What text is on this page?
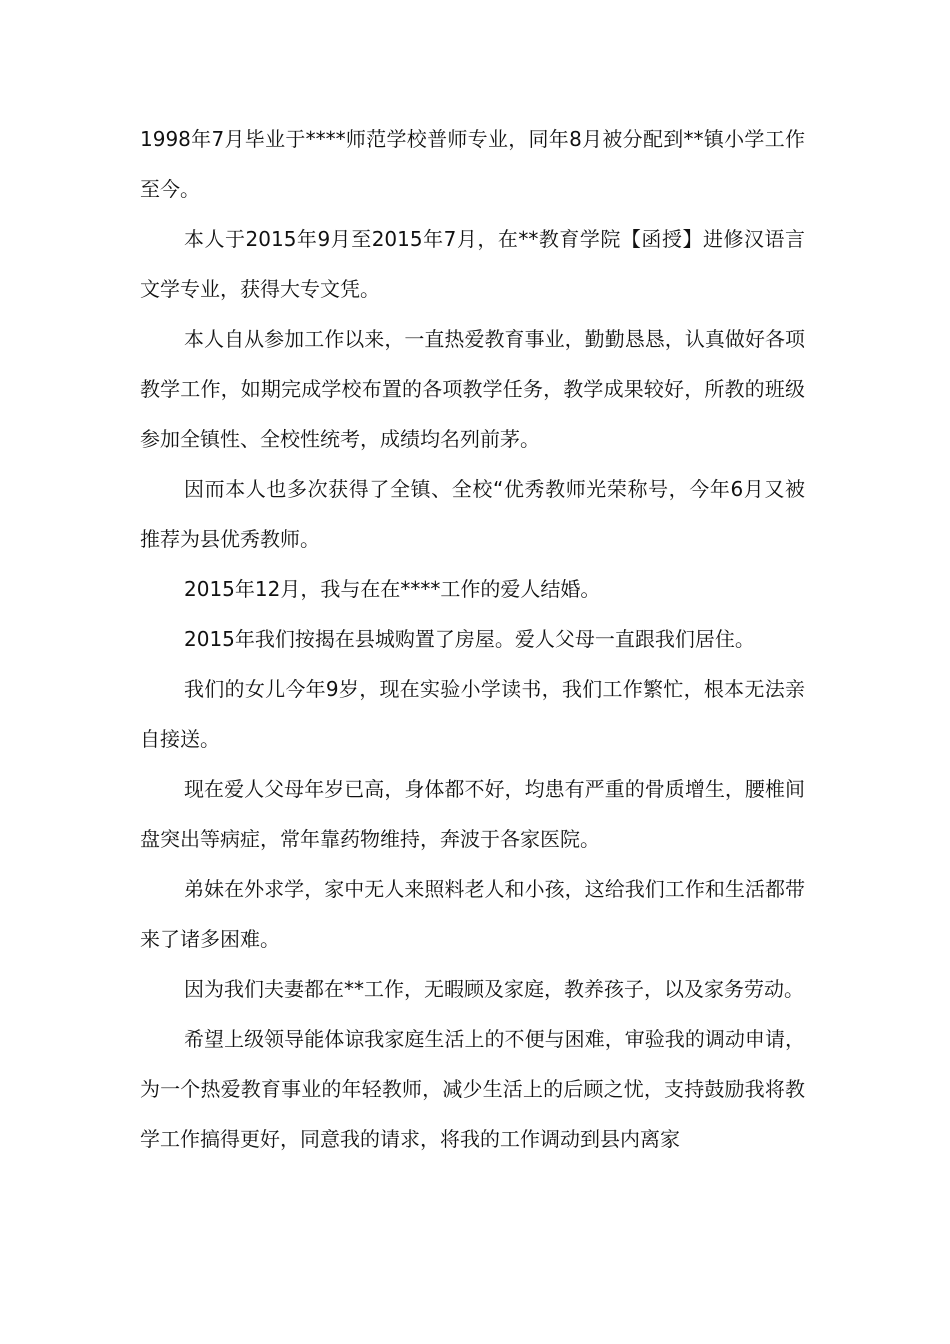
1998年7月毕业于****师范学校普师专业，同年8月被分配到**镇小学工作至今。

本人于2015年9月至2015年7月，在**教育学院【函授】进修汉语言文学专业，获得大专文凭。

本人自从参加工作以来，一直热爱教育事业，勤勤恳恳，认真做好各项教学工作，如期完成学校布置的各项教学任务，教学成果较好，所教的班级参加全镇性、全校性统考，成绩均名列前茅。

因而本人也多次获得了全镇、全校“优秀教师光荣称号，今年6月又被推荐为县优秀教师。

2015年12月，我与在在****工作的爱人结婚。

2015年我们按揭在县城购置了房屋。爱人父母一直跟我们居住。

我们的女儿今年9岁，现在实验小学读书，我们工作繁忙，根本无法亲自接送。

现在爱人父母年岁已高，身体都不好，均患有严重的骨质增生，腰椎间盘突出等病症，常年靠药物维持，奔波于各家医院。

弟妹在外求学，家中无人来照料老人和小孩，这给我们工作和生活都带来了诸多困难。

因为我们夫妻都在**工作，无暇顾及家庭，教养孩子，以及家务劳动。

希望上级领导能体谅我家庭生活上的不便与困难，审验我的调动申请，为一个热爱教育事业的年轻教师，减少生活上的后顾之忧，支持鼓励我将教学工作搞得更好，同意我的请求，将我的工作调动到县内离家
